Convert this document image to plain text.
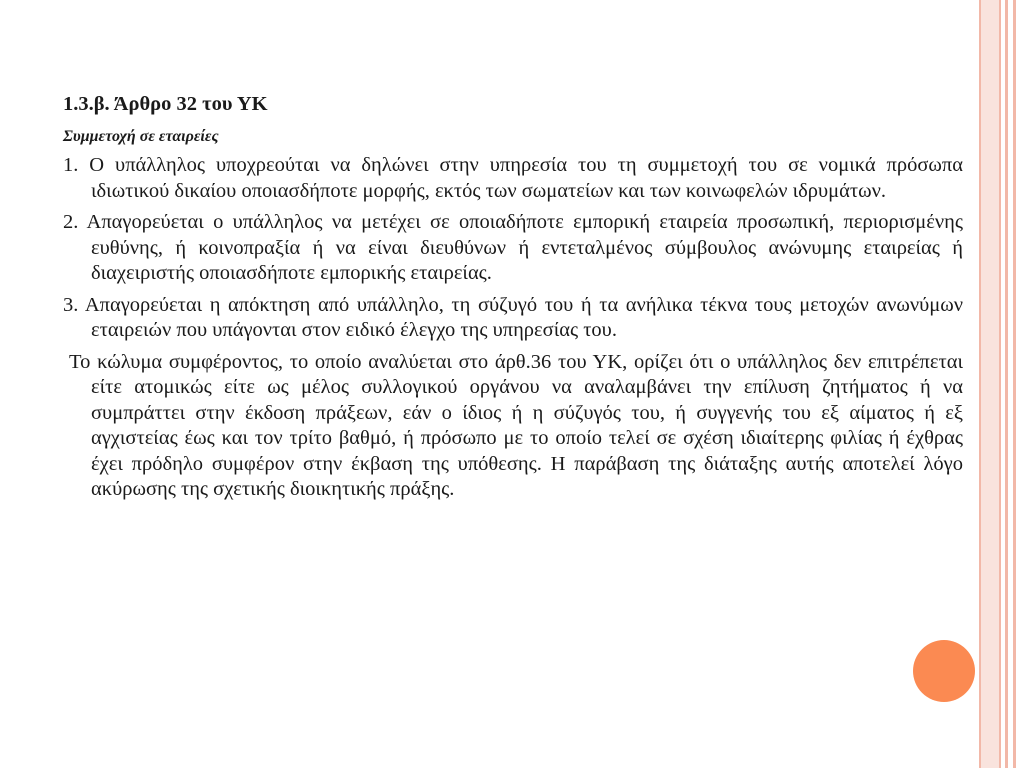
1.3.β. Άρθρο 32 του ΥΚ
Συμμετοχή σε εταιρείες
1. Ο υπάλληλος υποχρεούται να δηλώνει στην υπηρεσία του τη συμμετοχή του σε νομικά πρόσωπα ιδιωτικού δικαίου οποιασδήποτε μορφής, εκτός των σωματείων και των κοινωφελών ιδρυμάτων.
2. Απαγορεύεται ο υπάλληλος να μετέχει σε οποιαδήποτε εμπορική εταιρεία προσωπική, περιορισμένης ευθύνης, ή κοινοπραξία ή να είναι διευθύνων ή εντεταλμένος σύμβουλος ανώνυμης εταιρείας ή διαχειριστής οποιασδήποτε εμπορικής εταιρείας.
3. Απαγορεύεται η απόκτηση από υπάλληλο, τη σύζυγό του ή τα ανήλικα τέκνα τους μετοχών ανωνύμων εταιρειών που υπάγονται στον ειδικό έλεγχο της υπηρεσίας του.
Το κώλυμα συμφέροντος, το οποίο αναλύεται στο άρθ.36 του ΥΚ, ορίζει ότι ο υπάλληλος δεν επιτρέπεται είτε ατομικώς είτε ως μέλος συλλογικού οργάνου να αναλαμβάνει την επίλυση ζητήματος ή να συμπράττει στην έκδοση πράξεων, εάν ο ίδιος ή η σύζυγός του, ή συγγενής του εξ αίματος ή εξ αγχιστείας έως και τον τρίτο βαθμό, ή πρόσωπο με το οποίο τελεί σε σχέση ιδιαίτερης φιλίας ή έχθρας έχει πρόδηλο συμφέρον στην έκβαση της υπόθεσης. Η παράβαση της διάταξης αυτής αποτελεί λόγο ακύρωσης της σχετικής διοικητικής πράξης.
